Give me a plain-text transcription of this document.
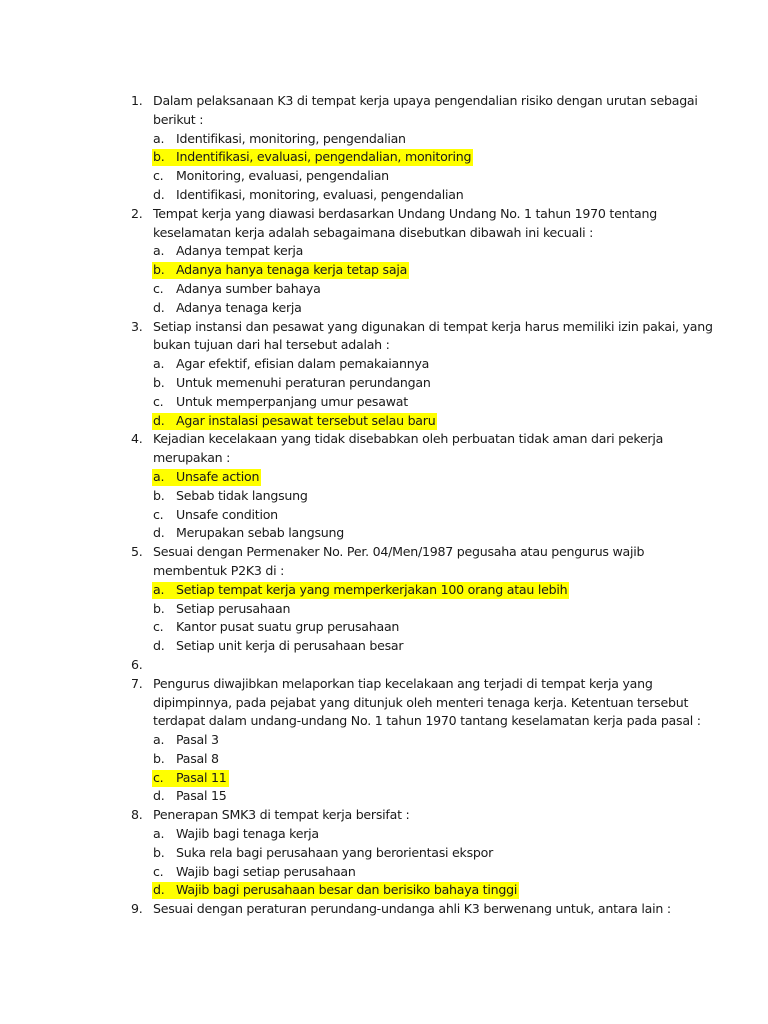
1. Dalam pelaksanaan K3 di tempat kerja upaya pengendalian risiko dengan urutan sebagai
berikut :
a. Identifikasi, monitoring, pengendalian
b. Indentifikasi, evaluasi, pengendalian, monitoring
c. Monitoring, evaluasi, pengendalian
d. Identifikasi, monitoring, evaluasi, pengendalian
2. Tempat kerja yang diawasi berdasarkan Undang Undang No. 1 tahun 1970 tentang
keselamatan kerja adalah sebagaimana disebutkan dibawah ini kecuali :
a. Adanya tempat kerja
b. Adanya hanya tenaga kerja tetap saja
c. Adanya sumber bahaya
d. Adanya tenaga kerja
3. Setiap instansi dan pesawat yang digunakan di tempat kerja harus memiliki izin pakai, yang
bukan tujuan dari hal tersebut adalah :
a. Agar efektif, efisian dalam pemakaiannya
b. Untuk memenuhi peraturan perundangan
c. Untuk memperpanjang umur pesawat
d. Agar instalasi pesawat tersebut selau baru
4. Kejadian kecelakaan yang tidak disebabkan oleh perbuatan tidak aman dari pekerja
merupakan :
a. Unsafe action
b. Sebab tidak langsung
c. Unsafe condition
d. Merupakan sebab langsung
5. Sesuai dengan Permenaker No. Per. 04/Men/1987 pegusaha atau pengurus wajib
membentuk P2K3 di :
a. Setiap tempat kerja yang memperkerjakan 100 orang atau lebih
b. Setiap perusahaan
c. Kantor pusat suatu grup perusahaan
d. Setiap unit kerja di perusahaan besar
6.
7. Pengurus diwajibkan melaporkan tiap kecelakaan ang terjadi di tempat kerja yang
dipimpinnya, pada pejabat yang ditunjuk oleh menteri tenaga kerja. Ketentuan tersebut
terdapat dalam undang-undang No. 1 tahun 1970 tantang keselamatan kerja pada pasal :
a. Pasal 3
b. Pasal 8
c. Pasal 11
d. Pasal 15
8. Penerapan SMK3 di tempat kerja bersifat :
a. Wajib bagi tenaga kerja
b. Suka rela bagi perusahaan yang berorientasi ekspor
c. Wajib bagi setiap perusahaan
d. Wajib bagi perusahaan besar dan berisiko bahaya tinggi
9. Sesuai dengan peraturan perundang-undanga ahli K3 berwenang untuk, antara lain :
